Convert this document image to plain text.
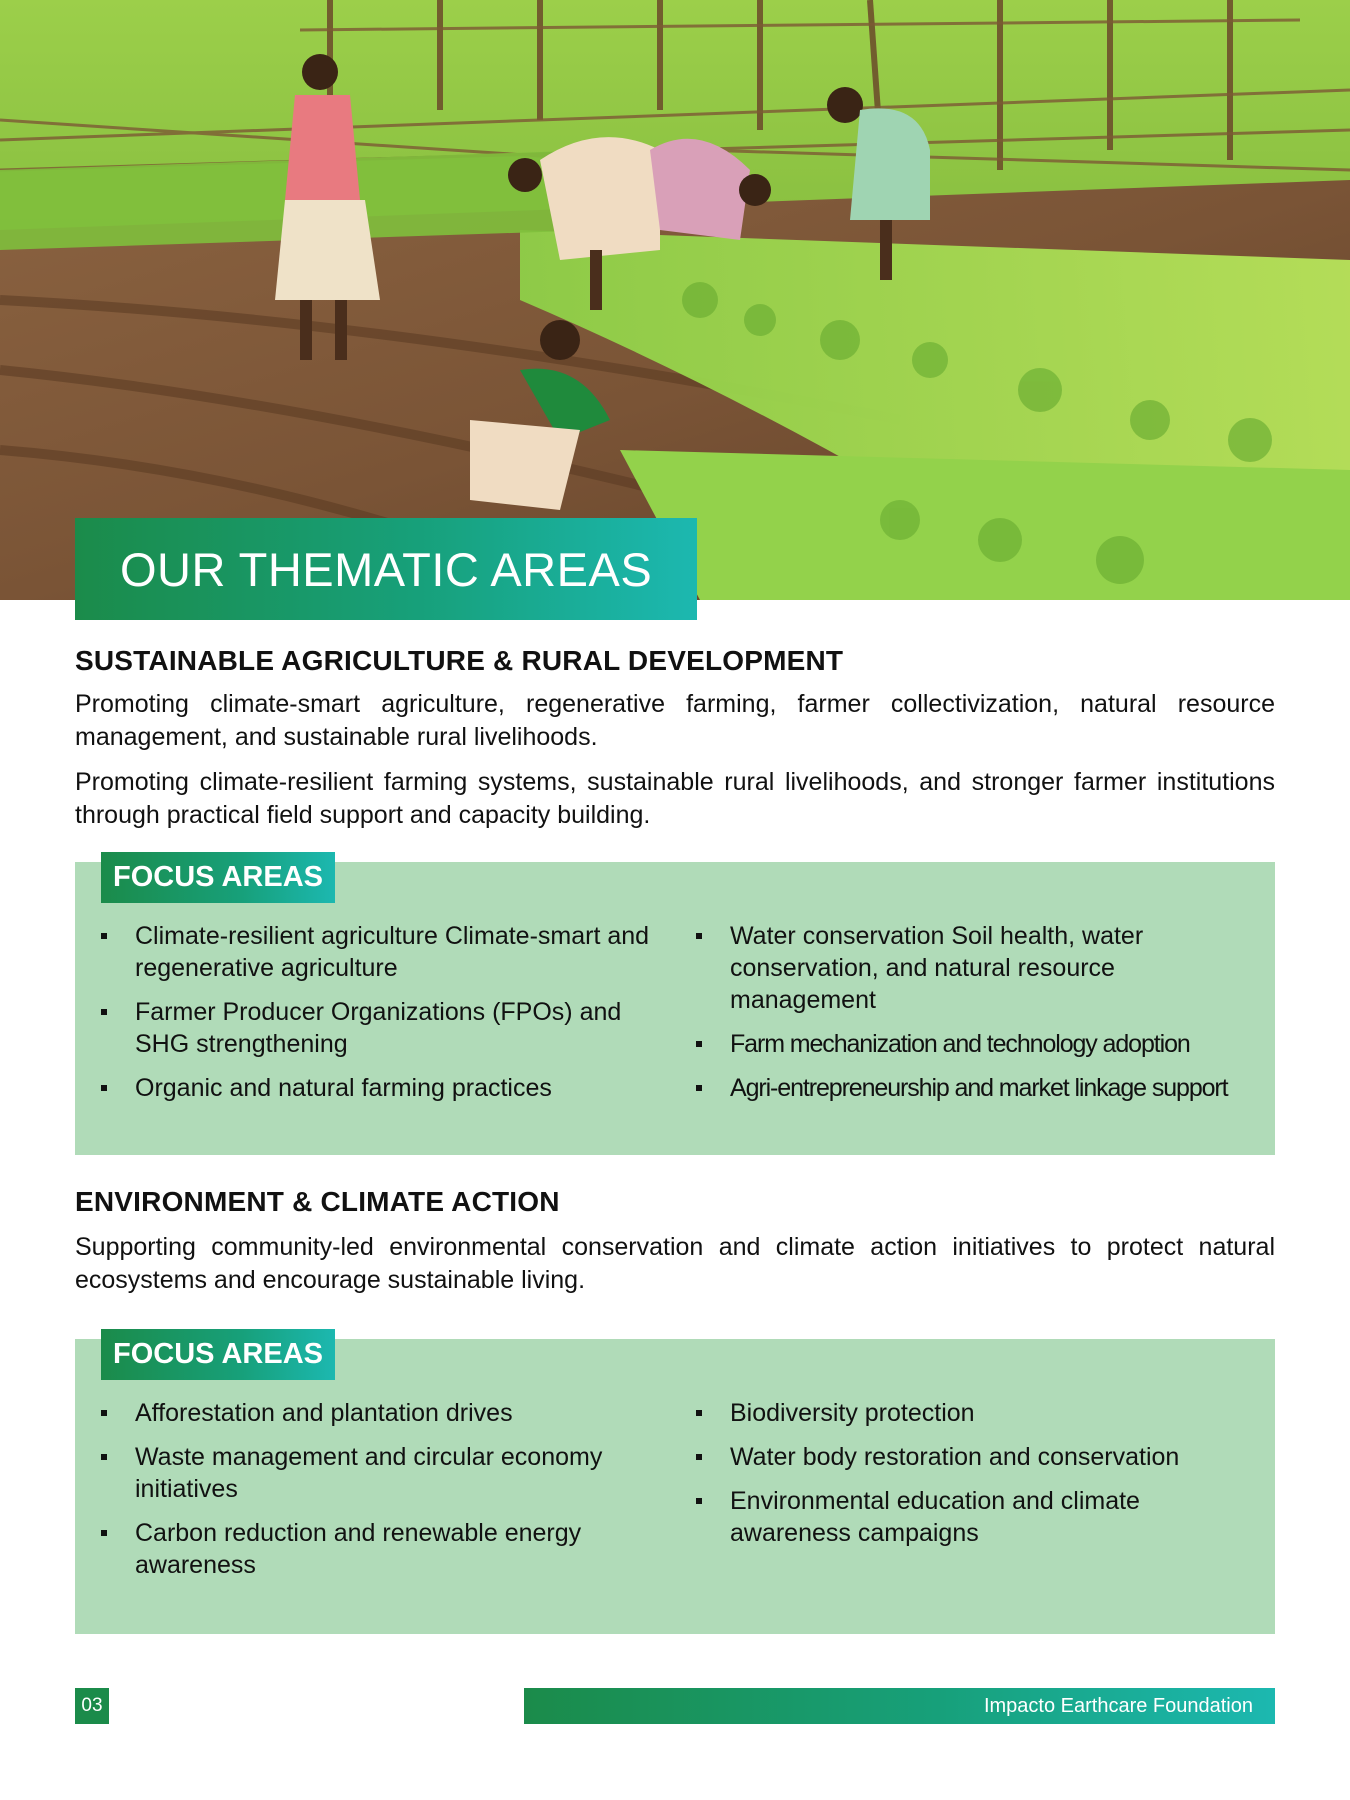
OUR THEMATIC AREAS
SUSTAINABLE AGRICULTURE & RURAL DEVELOPMENT
Promoting climate-smart agriculture, regenerative farming, farmer collectivization, natural resource management, and sustainable rural livelihoods.
Promoting climate-resilient farming systems, sustainable rural livelihoods, and stronger farmer institutions through practical field support and capacity building.
FOCUS AREAS
Climate-resilient agriculture Climate-smart and regenerative agriculture
Farmer Producer Organizations (FPOs) and SHG strengthening
Organic and natural farming practices
Water conservation Soil health, water conservation, and natural resource management
Farm mechanization and technology adoption
Agri-entrepreneurship and market linkage support
ENVIRONMENT & CLIMATE ACTION
Supporting community-led environmental conservation and climate action initiatives to protect natural ecosystems and encourage sustainable living.
FOCUS AREAS
Afforestation and plantation drives
Waste management and circular economy initiatives
Carbon reduction and renewable energy awareness
Biodiversity protection
Water body restoration and conservation
Environmental education and climate awareness campaigns
03	Impacto Earthcare Foundation
